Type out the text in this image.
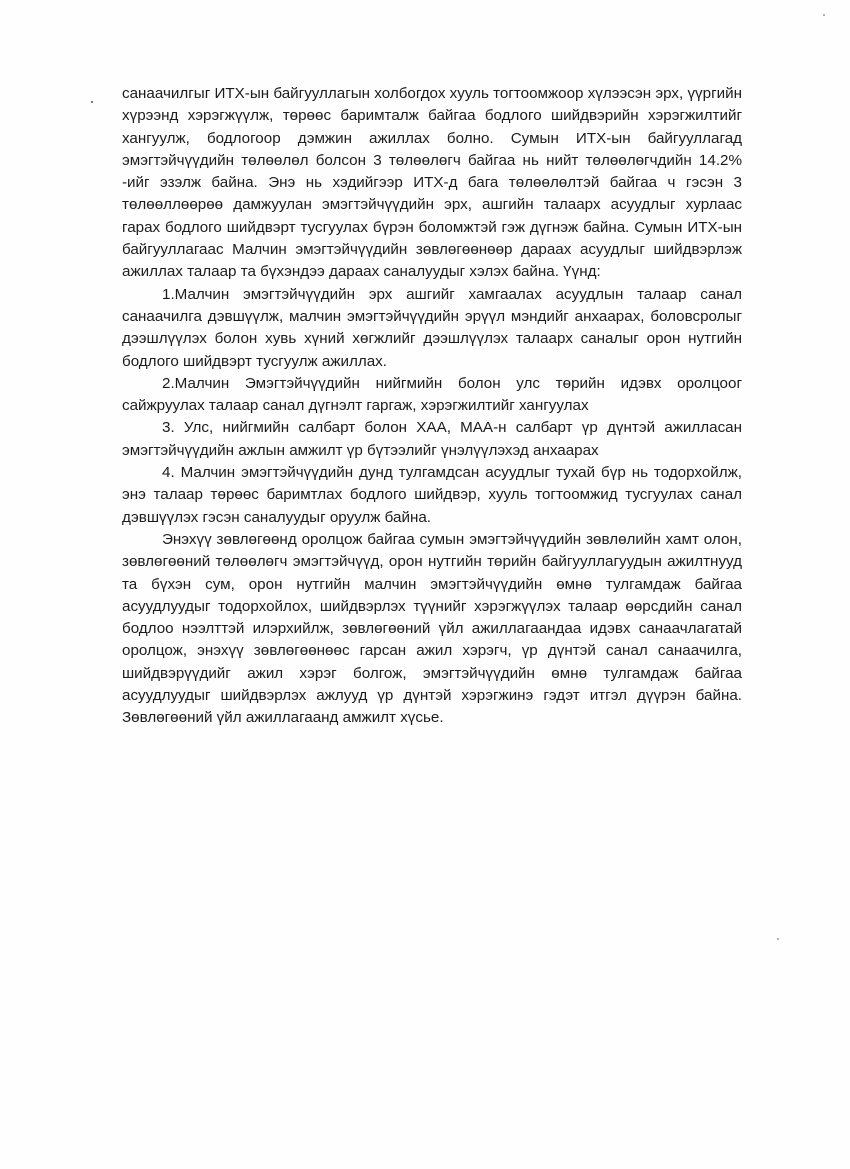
санаачилгыг ИТХ-ын байгууллагын холбогдох хууль тогтоомжоор хүлээсэн эрх, үүргийн хүрээнд хэрэгжүүлж, төрөөс баримталж байгаа бодлого шийдвэрийн хэрэгжилтийг хангуулж, бодлогоор дэмжин ажиллах болно. Сумын ИТХ-ын байгууллагад эмэгтэйчүүдийн төлөөлөл болсон 3 төлөөлөгч байгаа нь нийт төлөөлөгчдийн 14.2% -ийг эзэлж байна. Энэ нь хэдийгээр ИТХ-д бага төлөөлөлтэй байгаа ч гэсэн 3 төлөөллөөрөө дамжуулан эмэгтэйчүүдийн эрх, ашгийн талаарх асуудлыг хурлаас гарах бодлого шийдвэрт тусгуулах бүрэн боломжтэй гэж дүгнэж байна. Сумын ИТХ-ын байгууллагаас Малчин эмэгтэйчүүдийн зөвлөгөөнөөр дараах асуудлыг шийдвэрлэж ажиллах талаар та бүхэндээ дараах саналуудыг хэлэх байна. Үүнд:

1.Малчин эмэгтэйчүүдийн эрх ашгийг хамгаалах асуудлын талаар санал санаачилга дэвшүүлж, малчин эмэгтэйчүүдийн эрүүл мэндийг анхаарах, боловсролыг дээшлүүлэх болон хувь хүний хөгжлийг дээшлүүлэх талаарх саналыг орон нутгийн бодлого шийдвэрт тусгуулж ажиллах.

2.Малчин Эмэгтэйчүүдийн нийгмийн болон улс төрийн идэвх оролцоог сайжруулах талаар санал дүгнэлт гаргаж, хэрэгжилтийг хангуулах

3. Улс, нийгмийн салбарт болон ХАА, МАА-н салбарт үр дүнтэй ажилласан эмэгтэйчүүдийн ажлын амжилт үр бүтээлийг үнэлүүлэхэд анхаарах

4. Малчин эмэгтэйчүүдийн дунд тулгамдсан асуудлыг тухай бүр нь тодорхойлж, энэ талаар төрөөс баримтлах бодлого шийдвэр, хууль тогтоомжид тусгуулах санал дэвшүүлэх гэсэн саналуудыг оруулж байна.

Энэхүү зөвлөгөөнд оролцож байгаа сумын эмэгтэйчүүдийн зөвлөлийн хамт олон, зөвлөгөөний төлөөлөгч эмэгтэйчүүд, орон нутгийн төрийн байгууллагуудын ажилтнууд та бүхэн сум, орон нутгийн малчин эмэгтэйчүүдийн өмнө тулгамдаж байгаа асуудлуудыг тодорхойлох, шийдвэрлэх түүнийг хэрэгжүүлэх талаар өөрсдийн санал бодлоо нээлттэй илэрхийлж, зөвлөгөөний үйл ажиллагаандаа идэвх санаачлагатай оролцож, энэхүү зөвлөгөөнөөс гарсан ажил хэрэгч, үр дүнтэй санал санаачилга, шийдвэрүүдийг ажил хэрэг болгож, эмэгтэйчүүдийн өмнө тулгамдаж байгаа асуудлуудыг шийдвэрлэх ажлууд үр дүнтэй хэрэгжинэ гэдэт итгэл дүүрэн байна. Зөвлөгөөний үйл ажиллагаанд амжилт хүсье.
